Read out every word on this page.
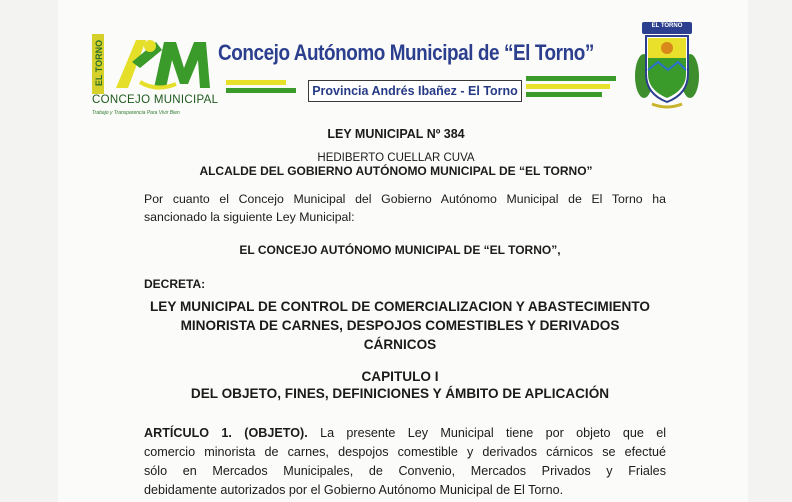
EL TORNO
CONCEJO MUNICIPAL
Trabajo y Transparencia Para Vivir Bien
Concejo Autónomo Municipal de “El Torno”
Provincia Andrés Ibañez - El Torno
EL TORNO
LEY MUNICIPAL Nº 384
HEDIBERTO CUELLAR CUVA
ALCALDE DEL GOBIERNO AUTÓNOMO MUNICIPAL DE “EL TORNO”
Por cuanto el Concejo Municipal del Gobierno Autónomo Municipal de El Torno ha
sancionado la siguiente Ley Municipal:
EL CONCEJO AUTÓNOMO MUNICIPAL DE “EL TORNO”,
DECRETA:
LEY MUNICIPAL DE CONTROL DE COMERCIALIZACION Y ABASTECIMIENTO
MINORISTA DE CARNES, DESPOJOS COMESTIBLES Y DERIVADOS
CÁRNICOS
CAPITULO I
DEL OBJETO, FINES, DEFINICIONES Y ÁMBITO DE APLICACIÓN
ARTÍCULO 1. (OBJETO). La presente Ley Municipal tiene por objeto que el
comercio minorista de carnes, despojos comestible y derivados cárnicos se efectué
sólo en Mercados Municipales, de Convenio, Mercados Privados y Friales
debidamente autorizados por el Gobierno Autónomo Municipal de El Torno.
